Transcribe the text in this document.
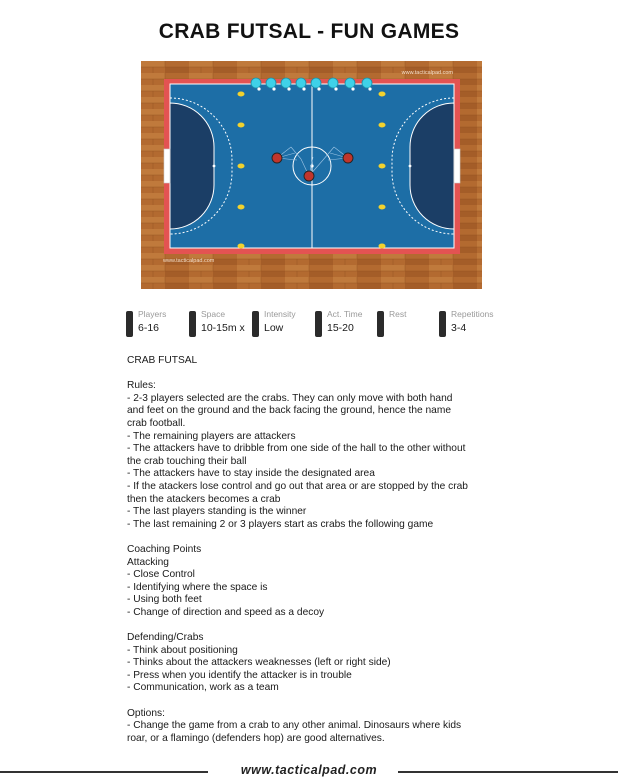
CRAB FUTSAL - FUN GAMES
www.tacticalpad.com
www.tacticalpad.com
Players
6-16
Space
10-15m x
Intensity
Low
Act. Time
15-20
Rest	Repetitions
3-4

CRAB FUTSAL

Rules:

- 2-3 players selected are the crabs. They can only move with both hand

and feet on the ground and the back facing the ground, hence the name

crab football.

- The remaining players are attackers

- The attackers have to dribble from one side of the hall to the other without

the crab touching their ball

- The attackers have to stay inside the designated area

- If the atackers lose control and go out that area or are stopped by the crab

then the atackers becomes a crab

- The last players standing is the winner

- The last remaining 2 or 3 players start as crabs the following game

Coaching Points

Attacking

- Close Control

- Identifying where the space is

- Using both feet

- Change of direction and speed as a decoy

Defending/Crabs

- Think about positioning

- Thinks about the attackers weaknesses (left or right side)

- Press when you identify the attacker is in trouble

- Communication, work as a team

Options:

- Change the game from a crab to any other animal. Dinosaurs where kids

roar, or a flamingo (defenders hop) are good alternatives.

www.tacticalpad.com
